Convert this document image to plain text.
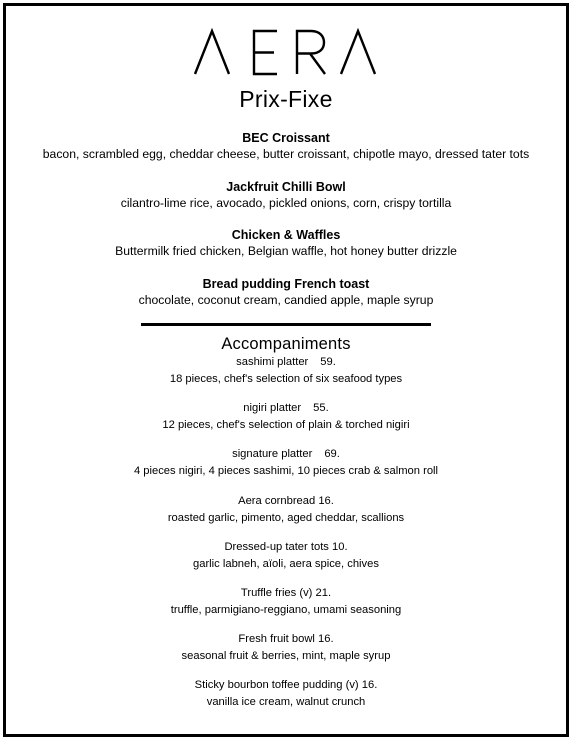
Prix-Fixe
BEC Croissant
bacon, scrambled egg, cheddar cheese, butter croissant, chipotle mayo, dressed tater tots
Jackfruit Chilli Bowl
cilantro-lime rice, avocado, pickled onions, corn, crispy tortilla
Chicken & Waffles
Buttermilk fried chicken, Belgian waffle, hot honey butter drizzle
Bread pudding French toast
chocolate, coconut cream, candied apple, maple syrup
Accompaniments
sashimi platter 59.
18 pieces, chef's selection of six seafood types
nigiri platter 55.
12 pieces, chef's selection of plain & torched nigiri
signature platter 69.
4 pieces nigiri, 4 pieces sashimi, 10 pieces crab & salmon roll
Aera cornbread 16.
roasted garlic, pimento, aged cheddar, scallions
Dressed-up tater tots 10.
garlic labneh, aïoli, aera spice, chives
Truffle fries (v) 21.
truffle, parmigiano-reggiano, umami seasoning
Fresh fruit bowl 16.
seasonal fruit & berries, mint, maple syrup
Sticky bourbon toffee pudding (v) 16.
vanilla ice cream, walnut crunch
